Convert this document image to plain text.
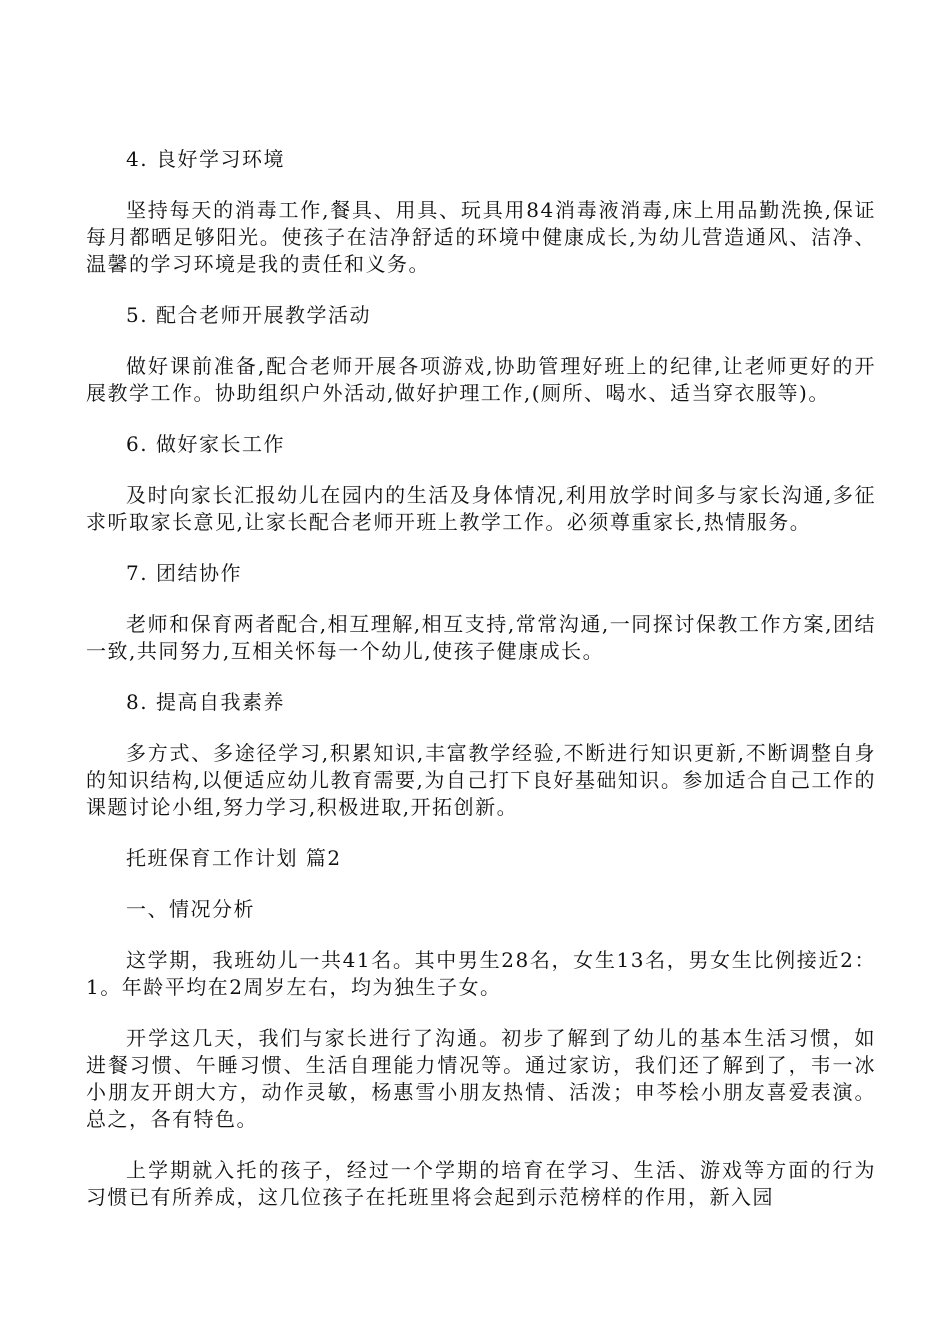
4. 良好学习环境

坚持每天的消毒工作,餐具、用具、玩具用84消毒液消毒,床上用品勤洗换,保证每月都晒足够阳光。使孩子在洁净舒适的环境中健康成长,为幼儿营造通风、洁净、温馨的学习环境是我的责任和义务。

5. 配合老师开展教学活动

做好课前准备,配合老师开展各项游戏,协助管理好班上的纪律,让老师更好的开展教学工作。协助组织户外活动,做好护理工作,(厕所、喝水、适当穿衣服等)。

6. 做好家长工作

及时向家长汇报幼儿在园内的生活及身体情况,利用放学时间多与家长沟通,多征求听取家长意见,让家长配合老师开班上教学工作。必须尊重家长,热情服务。

7. 团结协作

老师和保育两者配合,相互理解,相互支持,常常沟通,一同探讨保教工作方案,团结一致,共同努力,互相关怀每一个幼儿,使孩子健康成长。

8. 提高自我素养

多方式、多途径学习,积累知识,丰富教学经验,不断进行知识更新,不断调整自身的知识结构,以便适应幼儿教育需要,为自己打下良好基础知识。参加适合自己工作的课题讨论小组,努力学习,积极进取,开拓创新。

托班保育工作计划 篇2

一、情况分析

这学期，我班幼儿一共41名。其中男生28名，女生13名，男女生比例接近2：1。年龄平均在2周岁左右，均为独生子女。

开学这几天，我们与家长进行了沟通。初步了解到了幼儿的基本生活习惯，如进餐习惯、午睡习惯、生活自理能力情况等。通过家访，我们还了解到了，韦一冰小朋友开朗大方，动作灵敏，杨惠雪小朋友热情、活泼；申芩桧小朋友喜爱表演。总之，各有特色。

上学期就入托的孩子，经过一个学期的培育在学习、生活、游戏等方面的行为习惯已有所养成，这几位孩子在托班里将会起到示范榜样的作用，新入园
